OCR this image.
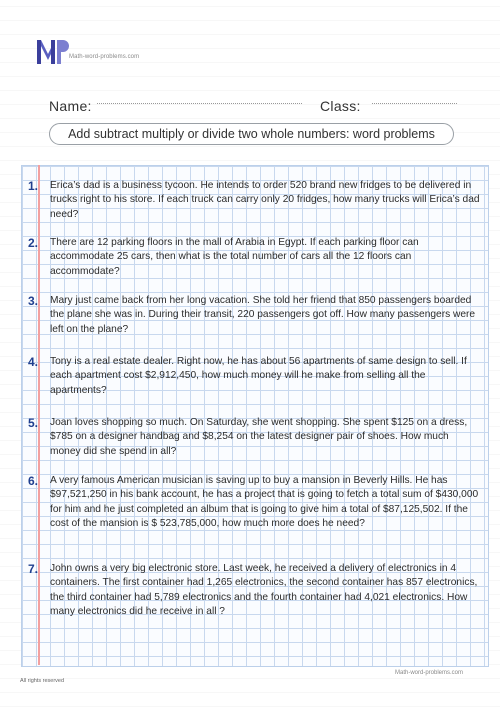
Math-word-problems.com
Name:	Class:
Add subtract multiply or divide two whole numbers: word problems
1. Erica’s dad is a business tycoon. He intends to order 520 brand new fridges to be delivered in trucks right to his store. If each truck can carry only 20 fridges, how many trucks will Erica’s dad need?
2. There are 12 parking floors in the mall of Arabia in Egypt. If each parking floor can accommodate 25 cars, then what is the total number of cars all the 12 floors can accommodate?
3. Mary just came back from her long vacation. She told her friend that 850 passengers boarded the plane she was in. During their transit, 220 passengers got off. How many passengers were left on the plane?
4. Tony is a real estate dealer. Right now, he has about 56 apartments of same design to sell. If each apartment cost $2,912,450, how much money will he make from selling all the apartments?
5. Joan loves shopping so much. On Saturday, she went shopping. She spent $125 on a dress, $785 on a designer handbag and $8,254 on the latest designer pair of shoes. How much money did she spend in all?
6. A very famous American musician is saving up to buy a mansion in Beverly Hills. He has $97,521,250 in his bank account, he has a project that is going to fetch a total sum of $430,000 for him and he just completed an album that is going to give him a total of $87,125,502. If the cost of the mansion is $ 523,785,000, how much more does he need?
7. John owns a very big electronic store. Last week, he received a delivery of electronics in 4 containers. The first container had 1,265 electronics, the second container has 857 electronics, the third container had 5,789 electronics and the fourth container had 4,021 electronics. How many electronics did he receive in all ?
Math-word-problems.com
All rights reserved
